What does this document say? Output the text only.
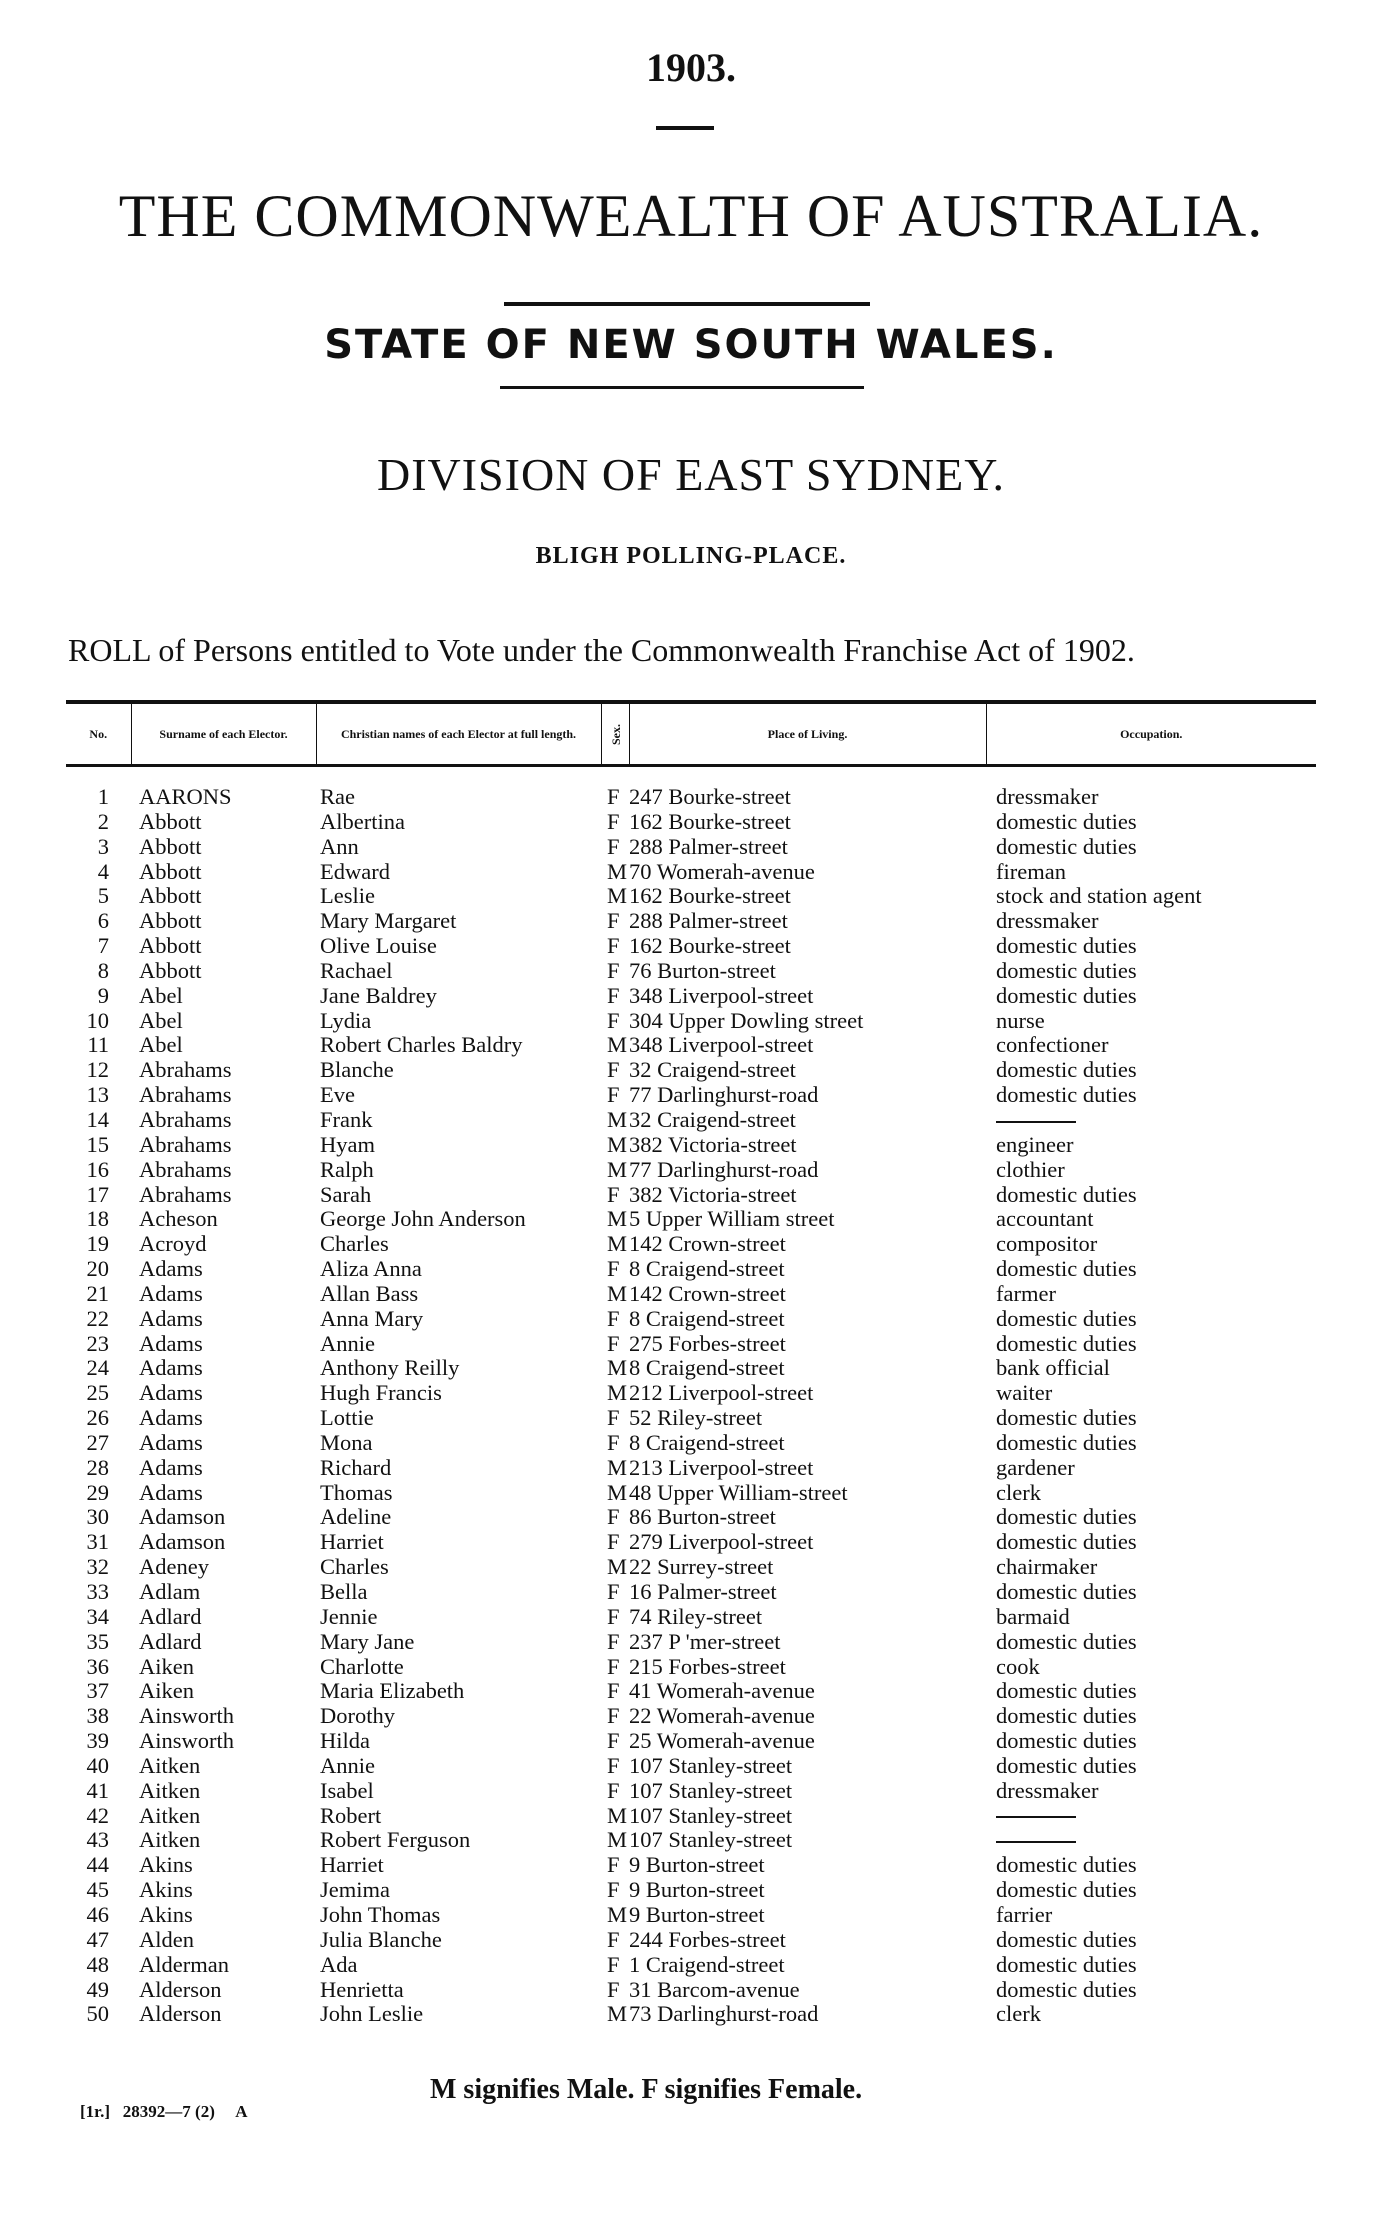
1903.
THE COMMONWEALTH OF AUSTRALIA.
STATE OF NEW SOUTH WALES.
DIVISION OF EAST SYDNEY.
BLIGH POLLING-PLACE.
ROLL of Persons entitled to Vote under the Commonwealth Franchise Act of 1902.
No.	Surname of each Elector.	Christian names of each Elector at full length.	Sex.	Place of Living.	Occupation.

1	AARONS	Rae	F	247 Bourke-street	dressmaker
2	Abbott	Albertina	F	162 Bourke-street	domestic duties
3	Abbott	Ann	F	288 Palmer-street	domestic duties
4	Abbott	Edward	M	70 Womerah-avenue	fireman
5	Abbott	Leslie	M	162 Bourke-street	stock and station agent
6	Abbott	Mary Margaret	F	288 Palmer-street	dressmaker
7	Abbott	Olive Louise	F	162 Bourke-street	domestic duties
8	Abbott	Rachael	F	76 Burton-street	domestic duties
9	Abel	Jane Baldrey	F	348 Liverpool-street	domestic duties
10	Abel	Lydia	F	304 Upper Dowling street	nurse
11	Abel	Robert Charles Baldry	M	348 Liverpool-street	confectioner
12	Abrahams	Blanche	F	32 Craigend-street	domestic duties
13	Abrahams	Eve	F	77 Darlinghurst-road	domestic duties
14	Abrahams	Frank	M	32 Craigend-street	
15	Abrahams	Hyam	M	382 Victoria-street	engineer
16	Abrahams	Ralph	M	77 Darlinghurst-road	clothier
17	Abrahams	Sarah	F	382 Victoria-street	domestic duties
18	Acheson	George John Anderson	M	5 Upper William street	accountant
19	Acroyd	Charles	M	142 Crown-street	compositor
20	Adams	Aliza Anna	F	8 Craigend-street	domestic duties
21	Adams	Allan Bass	M	142 Crown-street	farmer
22	Adams	Anna Mary	F	8 Craigend-street	domestic duties
23	Adams	Annie	F	275 Forbes-street	domestic duties
24	Adams	Anthony Reilly	M	8 Craigend-street	bank official
25	Adams	Hugh Francis	M	212 Liverpool-street	waiter
26	Adams	Lottie	F	52 Riley-street	domestic duties
27	Adams	Mona	F	8 Craigend-street	domestic duties
28	Adams	Richard	M	213 Liverpool-street	gardener
29	Adams	Thomas	M	48 Upper William-street	clerk
30	Adamson	Adeline	F	86 Burton-street	domestic duties
31	Adamson	Harriet	F	279 Liverpool-street	domestic duties
32	Adeney	Charles	M	22 Surrey-street	chairmaker
33	Adlam	Bella	F	16 Palmer-street	domestic duties
34	Adlard	Jennie	F	74 Riley-street	barmaid
35	Adlard	Mary Jane	F	237 P 'mer-street	domestic duties
36	Aiken	Charlotte	F	215 Forbes-street	cook
37	Aiken	Maria Elizabeth	F	41 Womerah-avenue	domestic duties
38	Ainsworth	Dorothy	F	22 Womerah-avenue	domestic duties
39	Ainsworth	Hilda	F	25 Womerah-avenue	domestic duties
40	Aitken	Annie	F	107 Stanley-street	domestic duties
41	Aitken	Isabel	F	107 Stanley-street	dressmaker
42	Aitken	Robert	M	107 Stanley-street	
43	Aitken	Robert Ferguson	M	107 Stanley-street	
44	Akins	Harriet	F	9 Burton-street	domestic duties
45	Akins	Jemima	F	9 Burton-street	domestic duties
46	Akins	John Thomas	M	9 Burton-street	farrier
47	Alden	Julia Blanche	F	244 Forbes-street	domestic duties
48	Alderman	Ada	F	1 Craigend-street	domestic duties
49	Alderson	Henrietta	F	31 Barcom-avenue	domestic duties
50	Alderson	John Leslie	M	73 Darlinghurst-road	clerk
M signifies Male. F signifies Female.
[1r.]   28392—7 (2)     A
